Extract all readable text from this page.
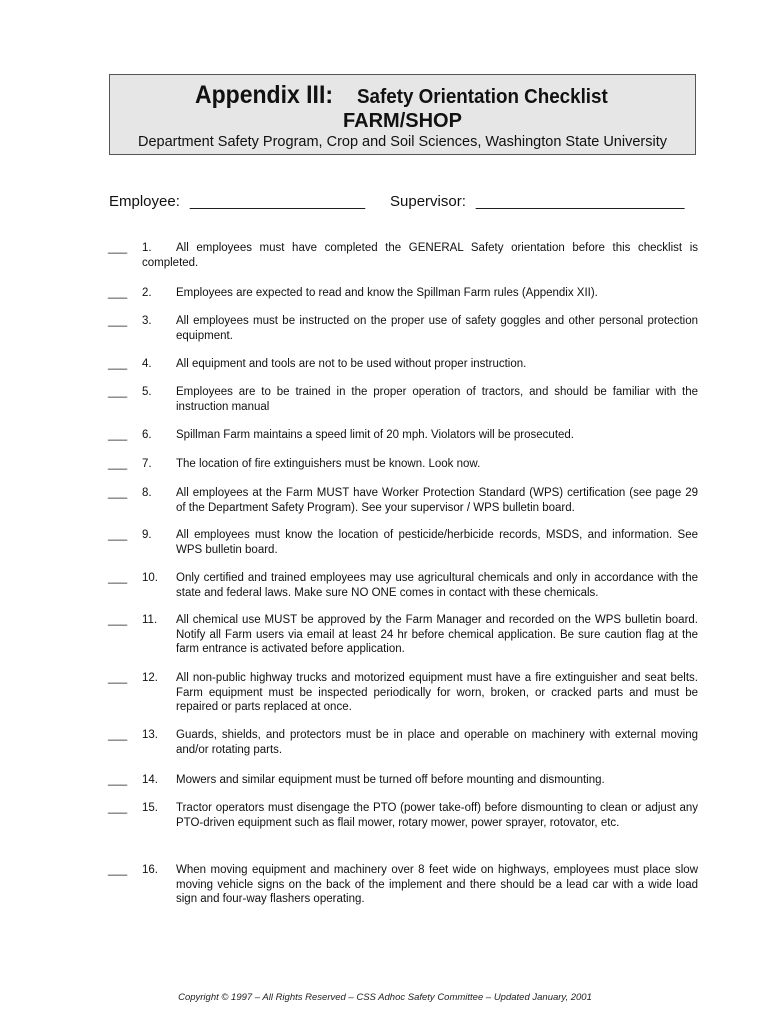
Appendix III: Safety Orientation Checklist
FARM/SHOP
Department Safety Program, Crop and Soil Sciences, Washington State University
Employee: _____________________ Supervisor: _________________________
___	1.	All employees must have completed the GENERAL Safety orientation before this checklist is completed.
___	2. Employees are expected to read and know the Spillman Farm rules (Appendix XII).
___	3. All employees must be instructed on the proper use of safety goggles and other personal protection equipment.
___	4. All equipment and tools are not to be used without proper instruction.
___	5. Employees are to be trained in the proper operation of tractors, and should be familiar with the instruction manual
___	6. Spillman Farm maintains a speed limit of 20 mph. Violators will be prosecuted.
___	7. The location of fire extinguishers must be known. Look now.
___	8. All employees at the Farm MUST have Worker Protection Standard (WPS) certification (see page 29 of the Department Safety Program). See your supervisor / WPS bulletin board.
___	9. All employees must know the location of pesticide/herbicide records, MSDS, and information. See WPS bulletin board.
___	10. Only certified and trained employees may use agricultural chemicals and only in accordance with the state and federal laws. Make sure NO ONE comes in contact with these chemicals.
___	11. All chemical use MUST be approved by the Farm Manager and recorded on the WPS bulletin board. Notify all Farm users via email at least 24 hr before chemical application. Be sure caution flag at the farm entrance is activated before application.
___	12. All non-public highway trucks and motorized equipment must have a fire extinguisher and seat belts. Farm equipment must be inspected periodically for worn, broken, or cracked parts and must be repaired or parts replaced at once.
___	13. Guards, shields, and protectors must be in place and operable on machinery with external moving and/or rotating parts.
___	14. Mowers and similar equipment must be turned off before mounting and dismounting.
___	15. Tractor operators must disengage the PTO (power take-off) before dismounting to clean or adjust any PTO-driven equipment such as flail mower, rotary mower, power sprayer, rotovator, etc.
___	16. When moving equipment and machinery over 8 feet wide on highways, employees must place slow moving vehicle signs on the back of the implement and there should be a lead car with a wide load sign and four-way flashers operating.
Copyright © 1997 – All Rights Reserved – CSS Adhoc Safety Committee – Updated January, 2001
